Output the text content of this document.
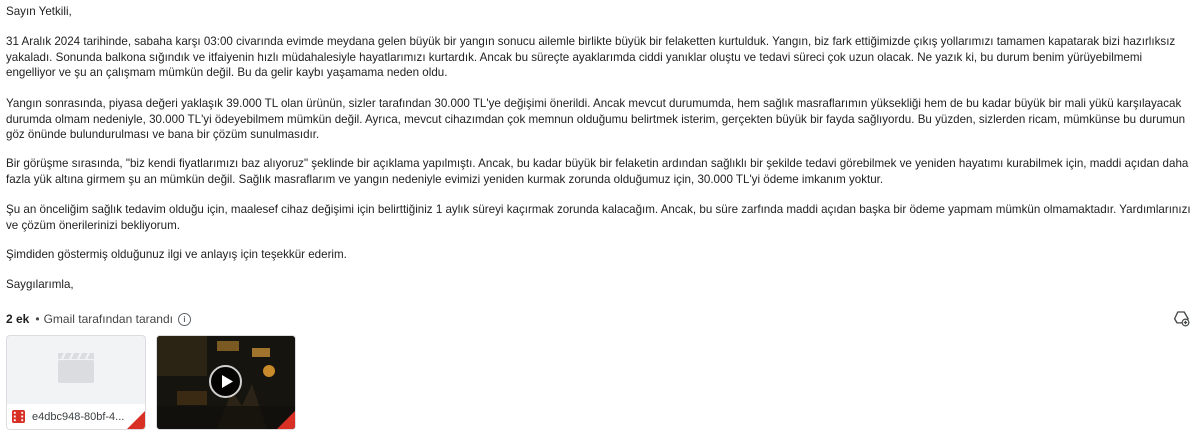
Sayın Yetkili,

31 Aralık 2024 tarihinde, sabaha karşı 03:00 civarında evimde meydana gelen büyük bir yangın sonucu ailemle birlikte büyük bir felaketten kurtulduk. Yangın, biz fark ettiğimizde çıkış yollarımızı tamamen kapatarak bizi hazırlıksız yakaladı. Sonunda balkona sığındık ve itfaiyenin hızlı müdahalesiyle hayatlarımızı kurtardık. Ancak bu süreçte ayaklarımda ciddi yanıklar oluştu ve tedavi süreci çok uzun olacak. Ne yazık ki, bu durum benim yürüyebilmemi engelliyor ve şu an çalışmam mümkün değil. Bu da gelir kaybı yaşamama neden oldu.

Yangın sonrasında, piyasa değeri yaklaşık 39.000 TL olan ürünün, sizler tarafından 30.000 TL'ye değişimi önerildi. Ancak mevcut durumumda, hem sağlık masraflarımın yüksekliği hem de bu kadar büyük bir mali yükü karşılayacak durumda olmam nedeniyle, 30.000 TL'yi ödeyebilmem mümkün değil. Ayrıca, mevcut cihazımdan çok memnun olduğumu belirtmek isterim, gerçekten büyük bir fayda sağlıyordu. Bu yüzden, sizlerden ricam, mümkünse bu durumun göz önünde bulundurulması ve bana bir çözüm sunulmasıdır.

Bir görüşme sırasında, "biz kendi fiyatlarımızı baz alıyoruz" şeklinde bir açıklama yapılmıştı. Ancak, bu kadar büyük bir felaketin ardından sağlıklı bir şekilde tedavi görebilmek ve yeniden hayatımı kurabilmek için, maddi açıdan daha fazla yük altına girmem şu an mümkün değil. Sağlık masraflarım ve yangın nedeniyle evimizi yeniden kurmak zorunda olduğumuz için, 30.000 TL'yi ödeme imkanım yoktur.

Şu an önceliğim sağlık tedavim olduğu için, maalesef cihaz değişimi için belirttiğiniz 1 aylık süreyi kaçırmak zorunda kalacağım. Ancak, bu süre zarfında maddi açıdan başka bir ödeme yapmam mümkün olmamaktadır. Yardımlarınızı ve çözüm önerilerinizi bekliyorum.

Şimdiden göstermiş olduğunuz ilgi ve anlayış için teşekkür ederim.

Saygılarımla,

2 ek • Gmail tarafından tarandı	i
e4dbc948-80bf-4...
